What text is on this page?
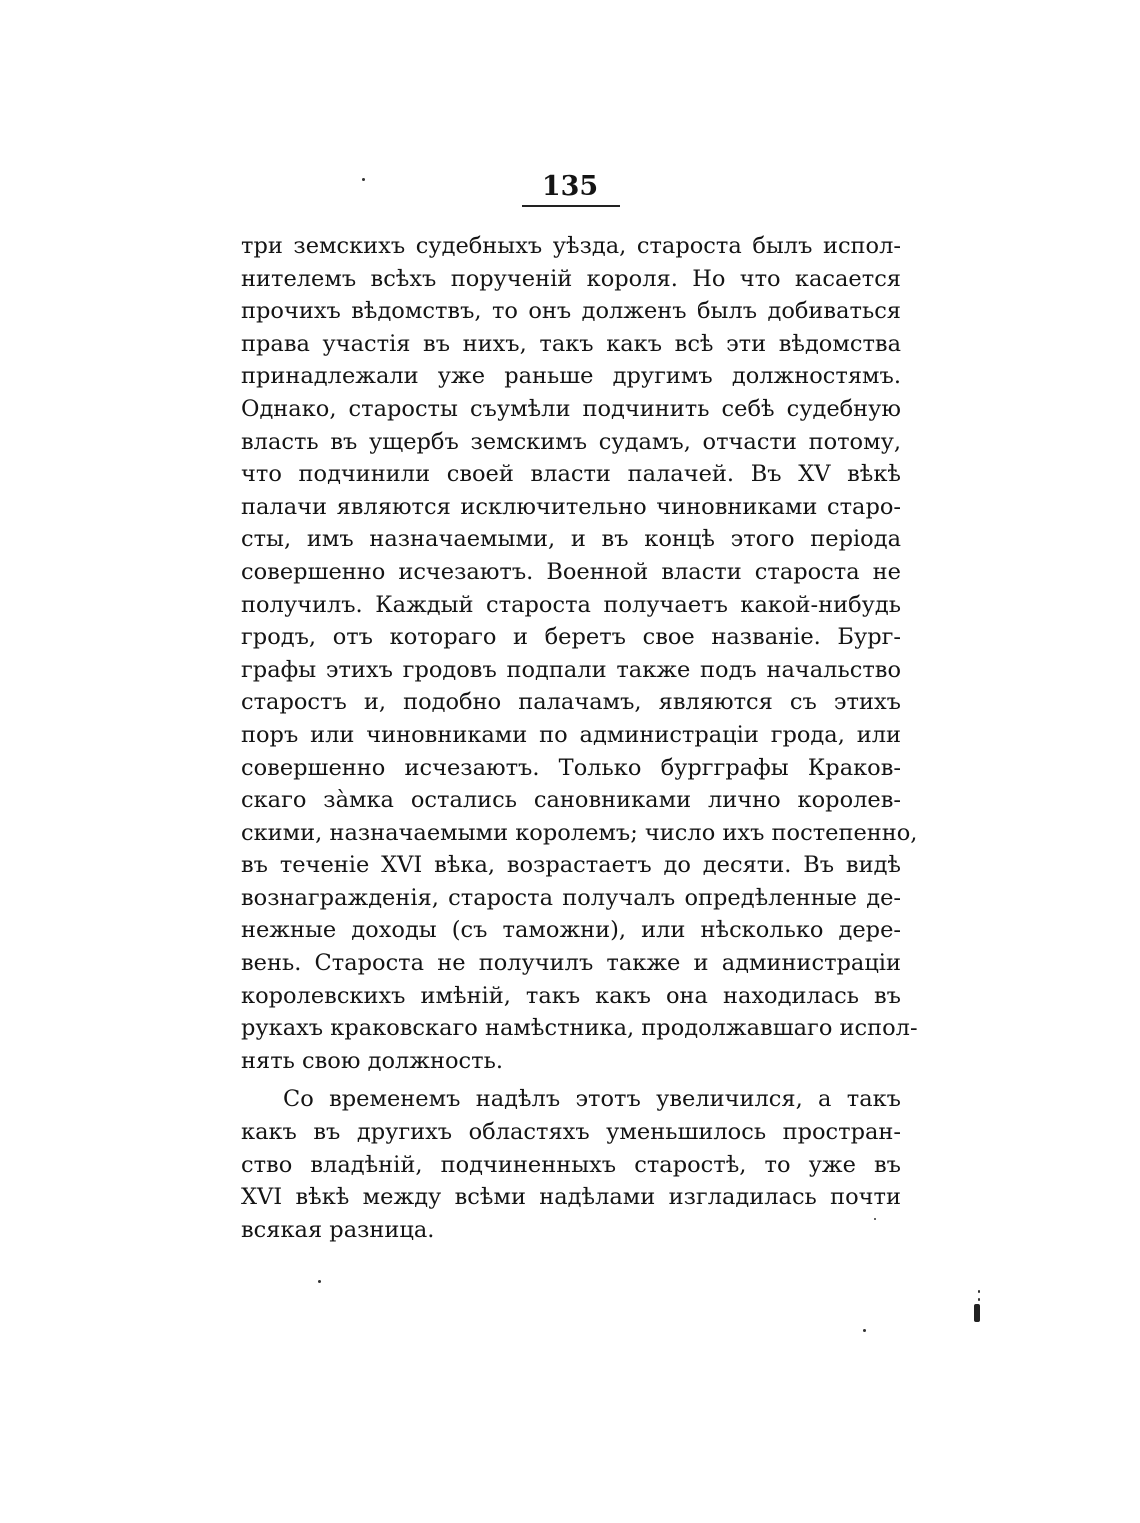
135
три земскихъ судебныхъ уѣзда, староста былъ испол-
нителемъ всѣхъ порученій короля. Но что касается
прочихъ вѣдомствъ, то онъ долженъ былъ добиваться
права участія въ нихъ, такъ какъ всѣ эти вѣдомства
принадлежали уже раньше другимъ должностямъ.
Однако, старосты съумѣли подчинить себѣ судебную
власть въ ущербъ земскимъ судамъ, отчасти потому,
что подчинили своей власти палачей. Въ XV вѣкѣ
палачи являются исключительно чиновниками старо-
сты, имъ назначаемыми, и въ концѣ этого періода
совершенно исчезаютъ. Военной власти староста не
получилъ. Каждый староста получаетъ какой-нибудь
гродъ, отъ котораго и беретъ свое названіе. Бург-
графы этихъ гродовъ подпали также подъ начальство
старостъ и, подобно палачамъ, являются съ этихъ
поръ или чиновниками по администраціи грода, или
совершенно исчезаютъ. Только бургграфы Краков-
скаго зàмка остались сановниками лично королев-
скими, назначаемыми королемъ; число ихъ постепенно,
въ теченіе XVI вѣка, возрастаетъ до десяти. Въ видѣ
вознагражденія, староста получалъ опредѣленные де-
нежные доходы (съ таможни), или нѣсколько дере-
вень. Староста не получилъ также и администраціи
королевскихъ имѣній, такъ какъ она находилась въ
рукахъ краковскаго намѣстника, продолжавшаго испол-
нять свою должность.
Со временемъ надѣлъ этотъ увеличился, а такъ
какъ въ другихъ областяхъ уменьшилось простран-
ство владѣній, подчиненныхъ старостѣ, то уже въ
XVI вѣкѣ между всѣми надѣлами изгладилась почти
всякая разница.
